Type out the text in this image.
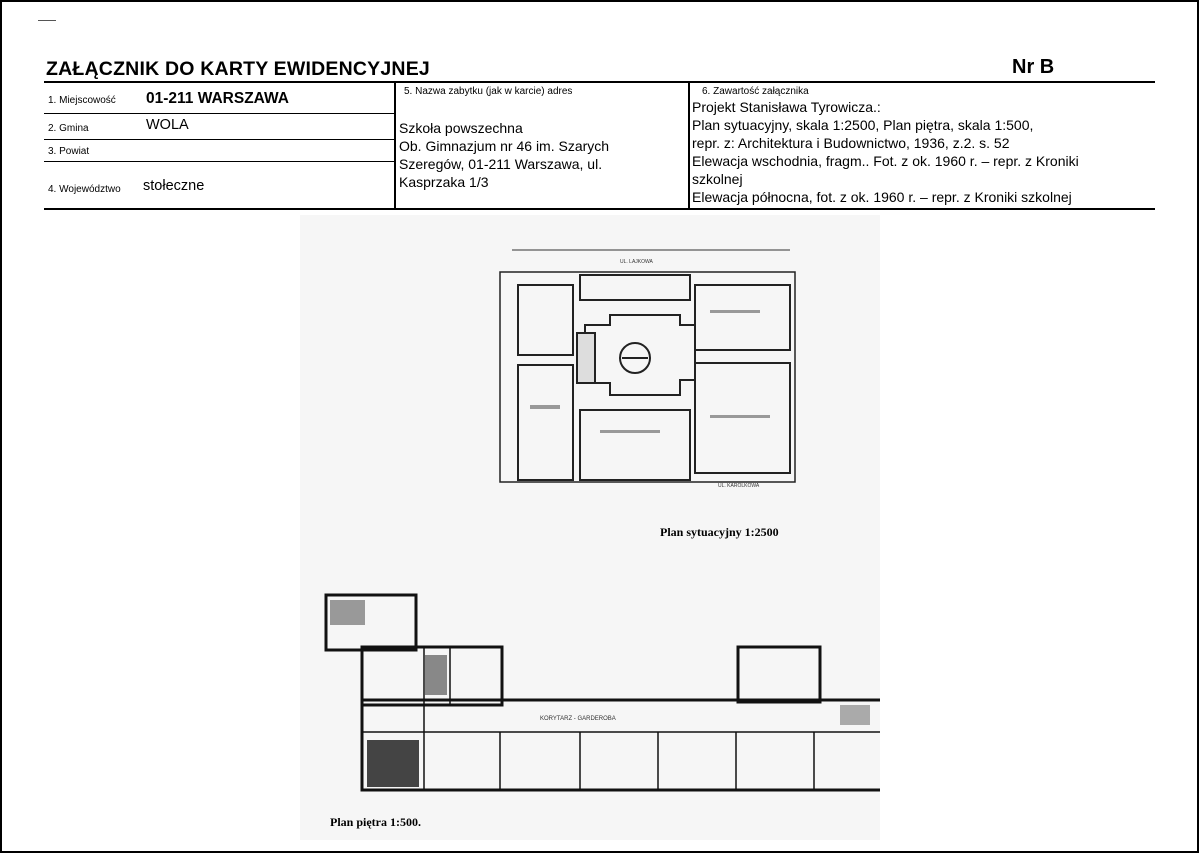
ZAŁĄCZNIK DO KARTY EWIDENCYJNEJ	Nr B
1. Miejscowość 01-211 WARSZAWA
2. Gmina	WOLA
3. Powiat
4. Województwo stołeczne
5. Nazwa zabytku (jak w karcie) adres
Szkoła powszechna
Ob. Gimnazjum nr 46 im. Szarych
Szeregów, 01-211 Warszawa, ul.
Kasprzaka 1/3
6. Zawartość załącznika
Projekt Stanisława Tyrowicza.:
Plan sytuacyjny, skala 1:2500, Plan piętra, skala 1:500,
repr. z: Architektura i Budownictwo, 1936, z.2. s. 52
Elewacja wschodnia, fragm.. Fot. z ok. 1960 r. – repr. z Kroniki
szkolnej
Elewacja północna, fot. z ok. 1960 r. – repr. z Kroniki szkolnej
UL. LAJKOWA
UL. KAROLKOWA
KORYTARZ - GARDEROBA
Plan sytuacyjny 1:2500
Plan piętra 1:500.
